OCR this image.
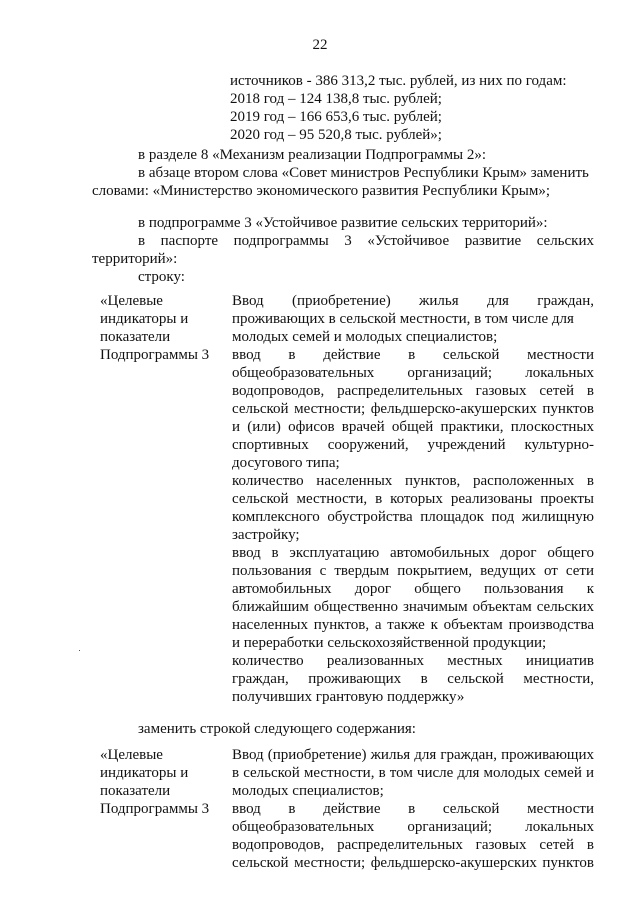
22
источников - 386 313,2 тыс. рублей, из них по годам:
2018 год – 124 138,8 тыс. рублей;
2019 год – 166 653,6 тыс. рублей;
2020 год – 95 520,8 тыс. рублей»;
в разделе 8 «Механизм реализации Подпрограммы 2»:
в абзаце втором слова «Совет министров Республики Крым» заменить
словами: «Министерство экономического развития Республики Крым»;
в подпрограмме 3 «Устойчивое развитие сельских территорий»:
в паспорте подпрограммы 3 «Устойчивое развитие сельских
территорий»:
строку:
«Целевые
индикаторы и
показатели
Подпрограммы 3
Ввод (приобретение) жилья для граждан,
проживающих в сельской местности, в том числе для
молодых семей и молодых специалистов;
ввод в действие в сельской местности
общеобразовательных организаций; локальных
водопроводов, распределительных газовых сетей в
сельской местности; фельдшерско-акушерских пунктов
и (или) офисов врачей общей практики, плоскостных
спортивных сооружений, учреждений культурно-
досугового типа;
количество населенных пунктов, расположенных в
сельской местности, в которых реализованы проекты
комплексного обустройства площадок под жилищную
застройку;
ввод в эксплуатацию автомобильных дорог общего
пользования с твердым покрытием, ведущих от сети
автомобильных дорог общего пользования к
ближайшим общественно значимым объектам сельских
населенных пунктов, а также к объектам производства
и переработки сельскохозяйственной продукции;
количество реализованных местных инициатив
граждан, проживающих в сельской местности,
получивших грантовую поддержку»
заменить строкой следующего содержания:
«Целевые
индикаторы и
показатели
Подпрограммы 3
Ввод (приобретение) жилья для граждан, проживающих
в сельской местности, в том числе для молодых семей и
молодых специалистов;
ввод в действие в сельской местности
общеобразовательных организаций; локальных
водопроводов, распределительных газовых сетей в
сельской местности; фельдшерско-акушерских пунктов
